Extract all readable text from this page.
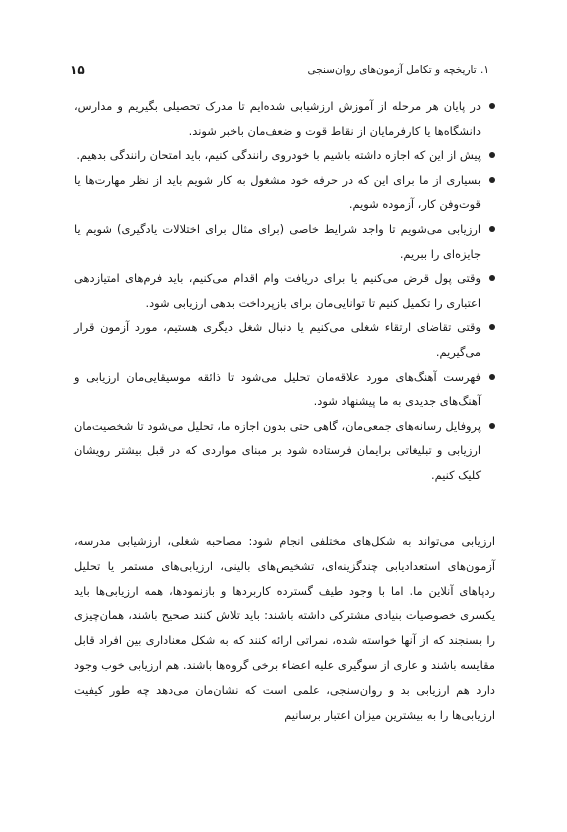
۱. تاریخچه و تکامل آزمون‌های روان‌سنجی
۱۵
در پایان هر مرحله از آموزش ارزشیابی شده‌ایم تا مدرک تحصیلی بگیریم و مدارس، دانشگاه‌ها یا کارفرمایان از نقاط قوت و ضعف‌مان باخبر شوند.
پیش از این که اجازه داشته باشیم با خودروی رانندگی کنیم، باید امتحان رانندگی بدهیم.
بسیاری از ما برای این که در حرفه خود مشغول به کار شویم باید از نظر مهارت‌ها یا قوت‌وفن کار، آزموده شویم.
ارزیابی می‌شویم تا واجد شرایط خاصی (برای مثال برای اختلالات یادگیری) شویم یا جایزه‌ای را ببریم.
وقتی پول قرض می‌کنیم یا برای دریافت وام اقدام می‌کنیم، باید فرم‌های امتیازدهی اعتباری را تکمیل کنیم تا توانایی‌مان برای بازپرداخت بدهی ارزیابی شود.
وقتی تقاضای ارتقاء شغلی می‌کنیم یا دنبال شغل دیگری هستیم، مورد آزمون قرار می‌گیریم.
فهرست آهنگ‌های مورد علاقه‌مان تحلیل می‌شود تا ذائقه موسیقایی‌مان ارزیابی و آهنگ‌های جدیدی به ما پیشنهاد شود.
پروفایل رسانه‌های جمعی‌مان، گاهی حتی بدون اجازه ما، تحلیل می‌شود تا شخصیت‌مان ارزیابی و تبلیغاتی برایمان فرستاده شود بر مبنای مواردی که در قبل بیشتر رویشان کلیک کنیم.

ارزیابی می‌تواند به شکل‌های مختلفی انجام شود: مصاحبه شغلی، ارزشیابی مدرسه، آزمون‌های استعدادیابی چندگزینه‌ای، تشخیص‌های بالینی، ارزیابی‌های مستمر یا تحلیل ردپاهای آنلاین ما. اما با وجود طیف گسترده کاربردها و بازنمودها، همه ارزیابی‌ها باید یکسری خصوصیات بنیادی مشترکی داشته باشند: باید تلاش کنند صحیح باشند، همان‌چیزی را بسنجند که از آنها خواسته شده، نمراتی ارائه کنند که به شکل معناداری بین افراد قابل مقایسه باشند و عاری از سوگیری علیه اعضاء برخی گروه‌ها باشند. هم ارزیابی خوب وجود دارد هم ارزیابی بد و روان‌سنجی، علمی است که نشان‌مان می‌دهد چه طور کیفیت ارزیابی‌ها را به بیشترین میزان اعتبار برسانیم
